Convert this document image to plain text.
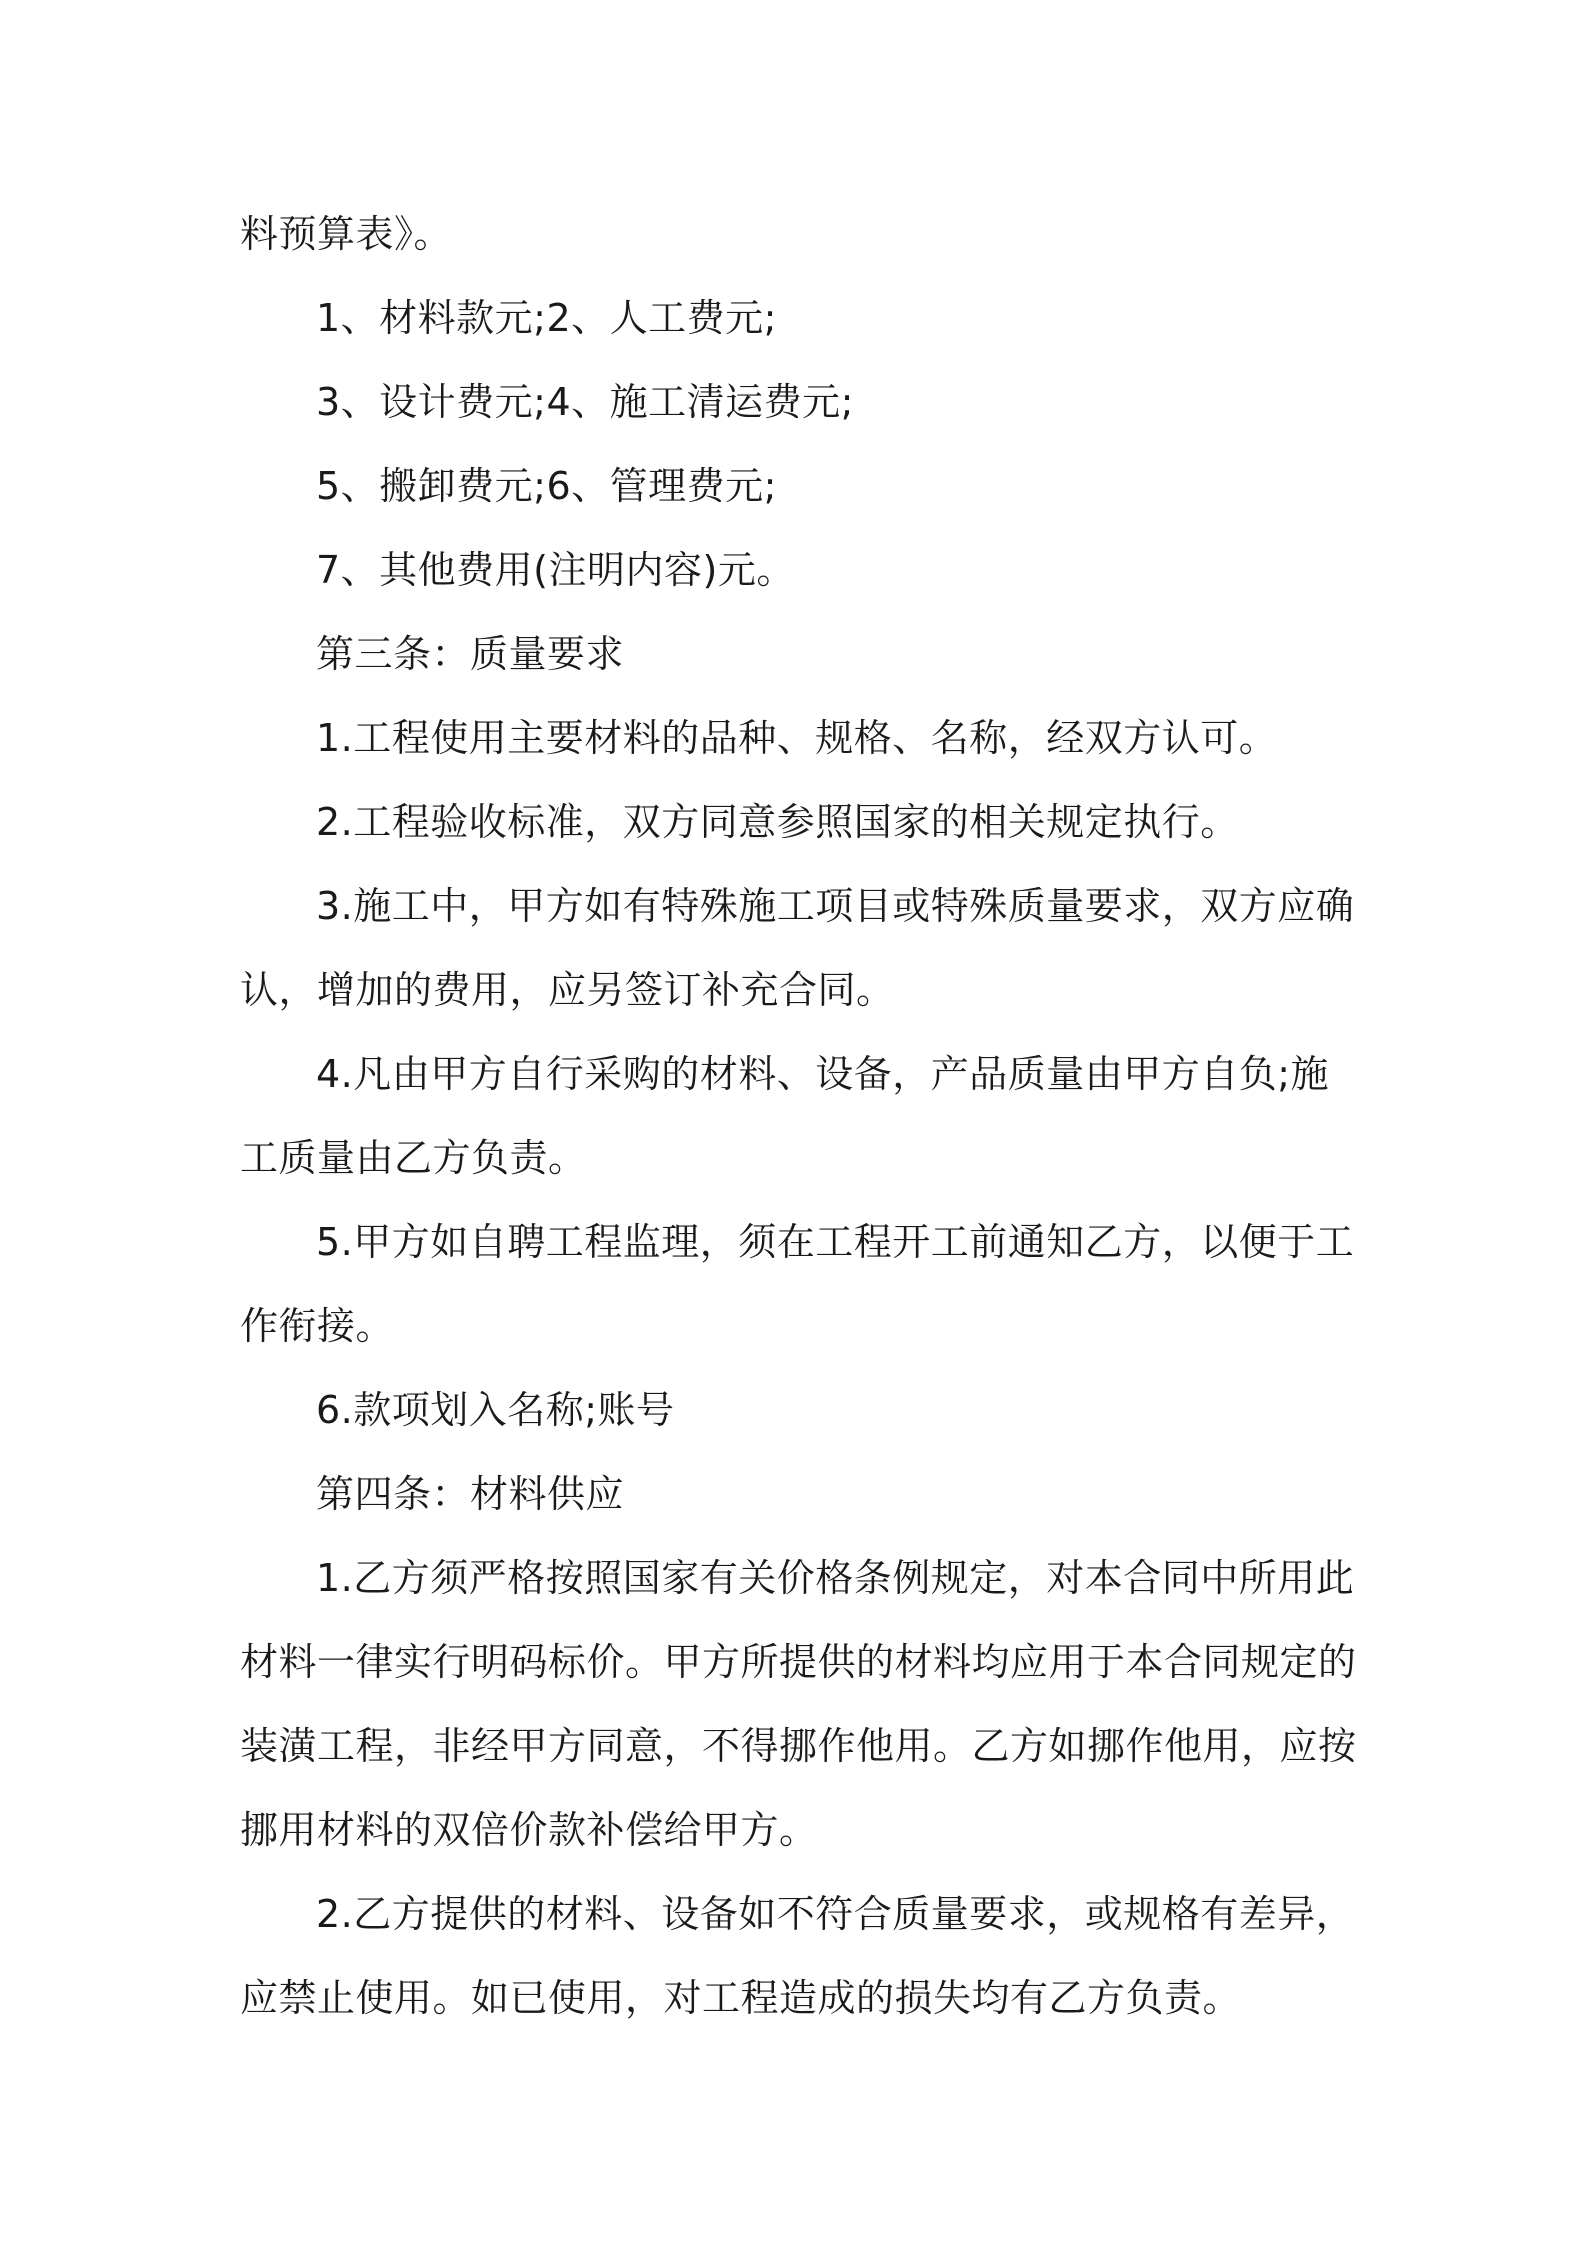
料预算表》。

1、材料款元;2、人工费元;

3、设计费元;4、施工清运费元;

5、搬卸费元;6、管理费元;

7、其他费用(注明内容)元。

第三条：质量要求

1.工程使用主要材料的品种、规格、名称，经双方认可。

2.工程验收标准，双方同意参照国家的相关规定执行。

3.施工中，甲方如有特殊施工项目或特殊质量要求，双方应确认，增加的费用，应另签订补充合同。

4.凡由甲方自行采购的材料、设备，产品质量由甲方自负;施工质量由乙方负责。

5.甲方如自聘工程监理，须在工程开工前通知乙方，以便于工作衔接。

6.款项划入名称;账号

第四条：材料供应

1.乙方须严格按照国家有关价格条例规定，对本合同中所用此材料一律实行明码标价。甲方所提供的材料均应用于本合同规定的装潢工程，非经甲方同意，不得挪作他用。乙方如挪作他用，应按挪用材料的双倍价款补偿给甲方。

2.乙方提供的材料、设备如不符合质量要求，或规格有差异，应禁止使用。如已使用，对工程造成的损失均有乙方负责。
